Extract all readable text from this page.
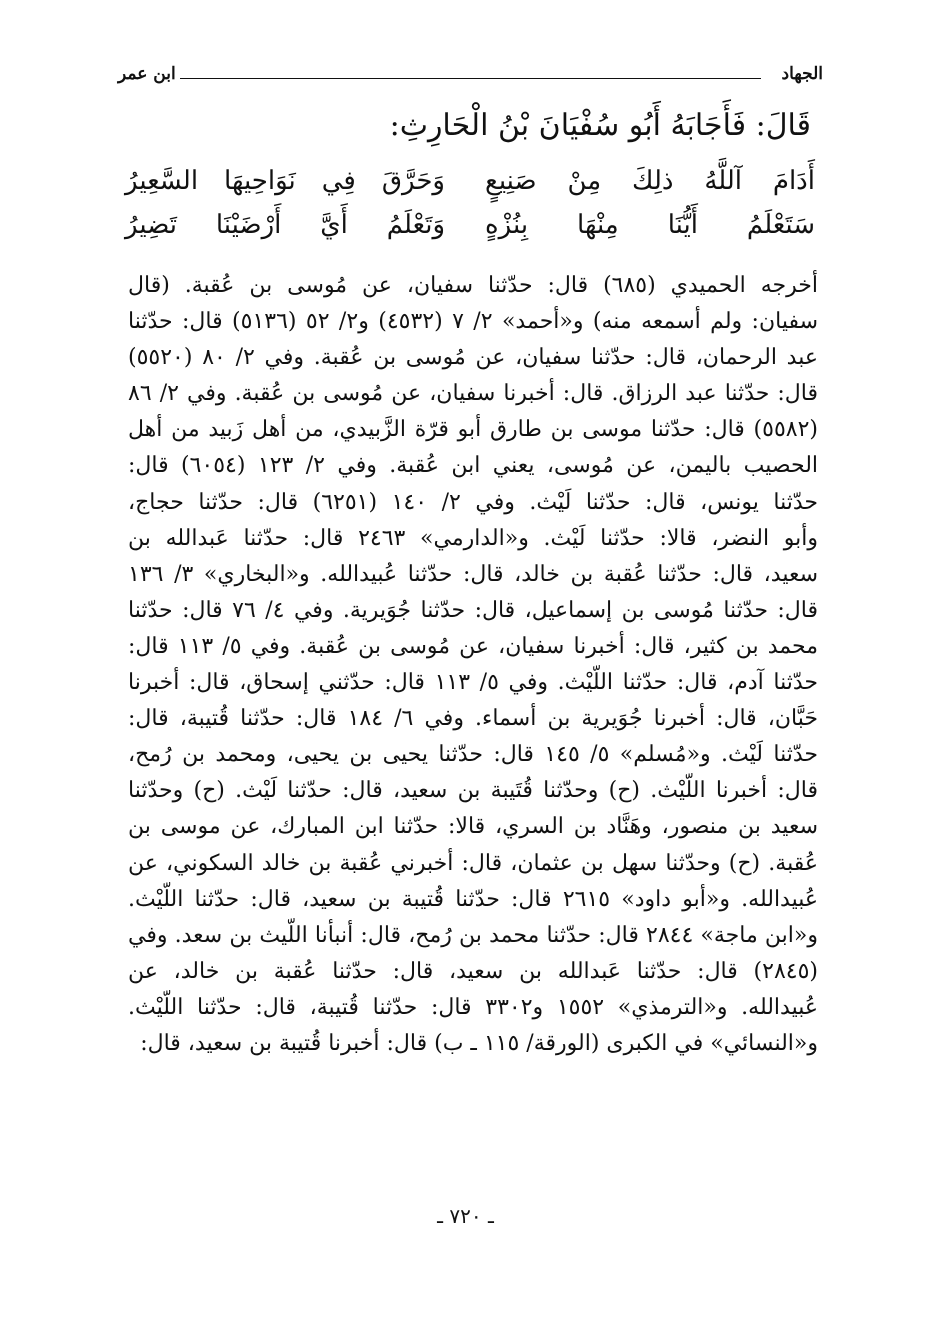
الجهاد
ابن عمر
قَالَ: فَأَجَابَهُ أَبُو سُفْيَانَ بْنُ الْحَارِثِ:
أَدَامَ آللَّهُ ذلِكَ مِنْ صَنِيعٍ
وَحَرَّقَ فِي نَوَاحِيهَا السَّعِيرُ
سَتَعْلَمُ أَيُّنَا مِنْهَا بِنُزْهٍ
وَتَعْلَمُ أَيَّ أَرْضَيْنَا تَضِيرُ
أخرجه الحميدي (٦٨٥) قال: حدّثنا سفيان، عن مُوسى بن عُقبة. (قال
سفيان: ولم أسمعه منه) و«أحمد» ٢/ ٧ (٤٥٣٢) و٢/ ٥٢ (٥١٣٦) قال: حدّثنا
عبد الرحمان، قال: حدّثنا سفيان، عن مُوسى بن عُقبة. وفي ٢/ ٨٠ (٥٥٢٠)
قال: حدّثنا عبد الرزاق. قال: أخبرنا سفيان، عن مُوسى بن عُقبة. وفي ٢/ ٨٦
(٥٥٨٢) قال: حدّثنا موسى بن طارق أبو قرّة الزَّبيدي، من أهل زَبيد من أهل
الحصيب باليمن، عن مُوسى، يعني ابن عُقبة. وفي ٢/ ١٢٣ (٦٠٥٤) قال:
حدّثنا يونس، قال: حدّثنا لَيْث. وفي ٢/ ١٤٠ (٦٢٥١) قال: حدّثنا حجاج،
وأبو النضر، قالا: حدّثنا لَيْث. و«الدارمي» ٢٤٦٣ قال: حدّثنا عَبدالله بن
سعيد، قال: حدّثنا عُقبة بن خالد، قال: حدّثنا عُبيدالله. و«البخاري» ٣/ ١٣٦
قال: حدّثنا مُوسى بن إسماعيل، قال: حدّثنا جُوَيرية. وفي ٤/ ٧٦ قال: حدّثنا
محمد بن كثير، قال: أخبرنا سفيان، عن مُوسى بن عُقبة. وفي ٥/ ١١٣ قال:
حدّثنا آدم، قال: حدّثنا اللَّيْث. وفي ٥/ ١١٣ قال: حدّثني إسحاق، قال: أخبرنا
حَبَّان، قال: أخبرنا جُوَيرية بن أسماء. وفي ٦/ ١٨٤ قال: حدّثنا قُتيبة، قال:
حدّثنا لَيْث. و«مُسلم» ٥/ ١٤٥ قال: حدّثنا يحيى بن يحيى، ومحمد بن رُمح،
قال: أخبرنا اللَّيْث. (ح) وحدّثنا قُتَيبة بن سعيد، قال: حدّثنا لَيْث. (ح) وحدّثنا
سعيد بن منصور، وهَنَّاد بن السري، قالا: حدّثنا ابن المبارك، عن موسى بن
عُقبة. (ح) وحدّثنا سهل بن عثمان، قال: أخبرني عُقبة بن خالد السكوني، عن
عُبيدالله. و«أبو داود» ٢٦١٥ قال: حدّثنا قُتيبة بن سعيد، قال: حدّثنا اللَّيْث.
و«ابن ماجة» ٢٨٤٤ قال: حدّثنا محمد بن رُمح، قال: أنبأنا اللَّيث بن سعد. وفي
(٢٨٤٥) قال: حدّثنا عَبدالله بن سعيد، قال: حدّثنا عُقبة بن خالد، عن
عُبيدالله. و«الترمذي» ١٥٥٢ و٣٣٠٢ قال: حدّثنا قُتيبة، قال: حدّثنا اللَّيْث.
و«النسائي» في الكبرى (الورقة/ ١١٥ ـ ب) قال: أخبرنا قُتيبة بن سعيد، قال:
ـ ٧٢٠ ـ
